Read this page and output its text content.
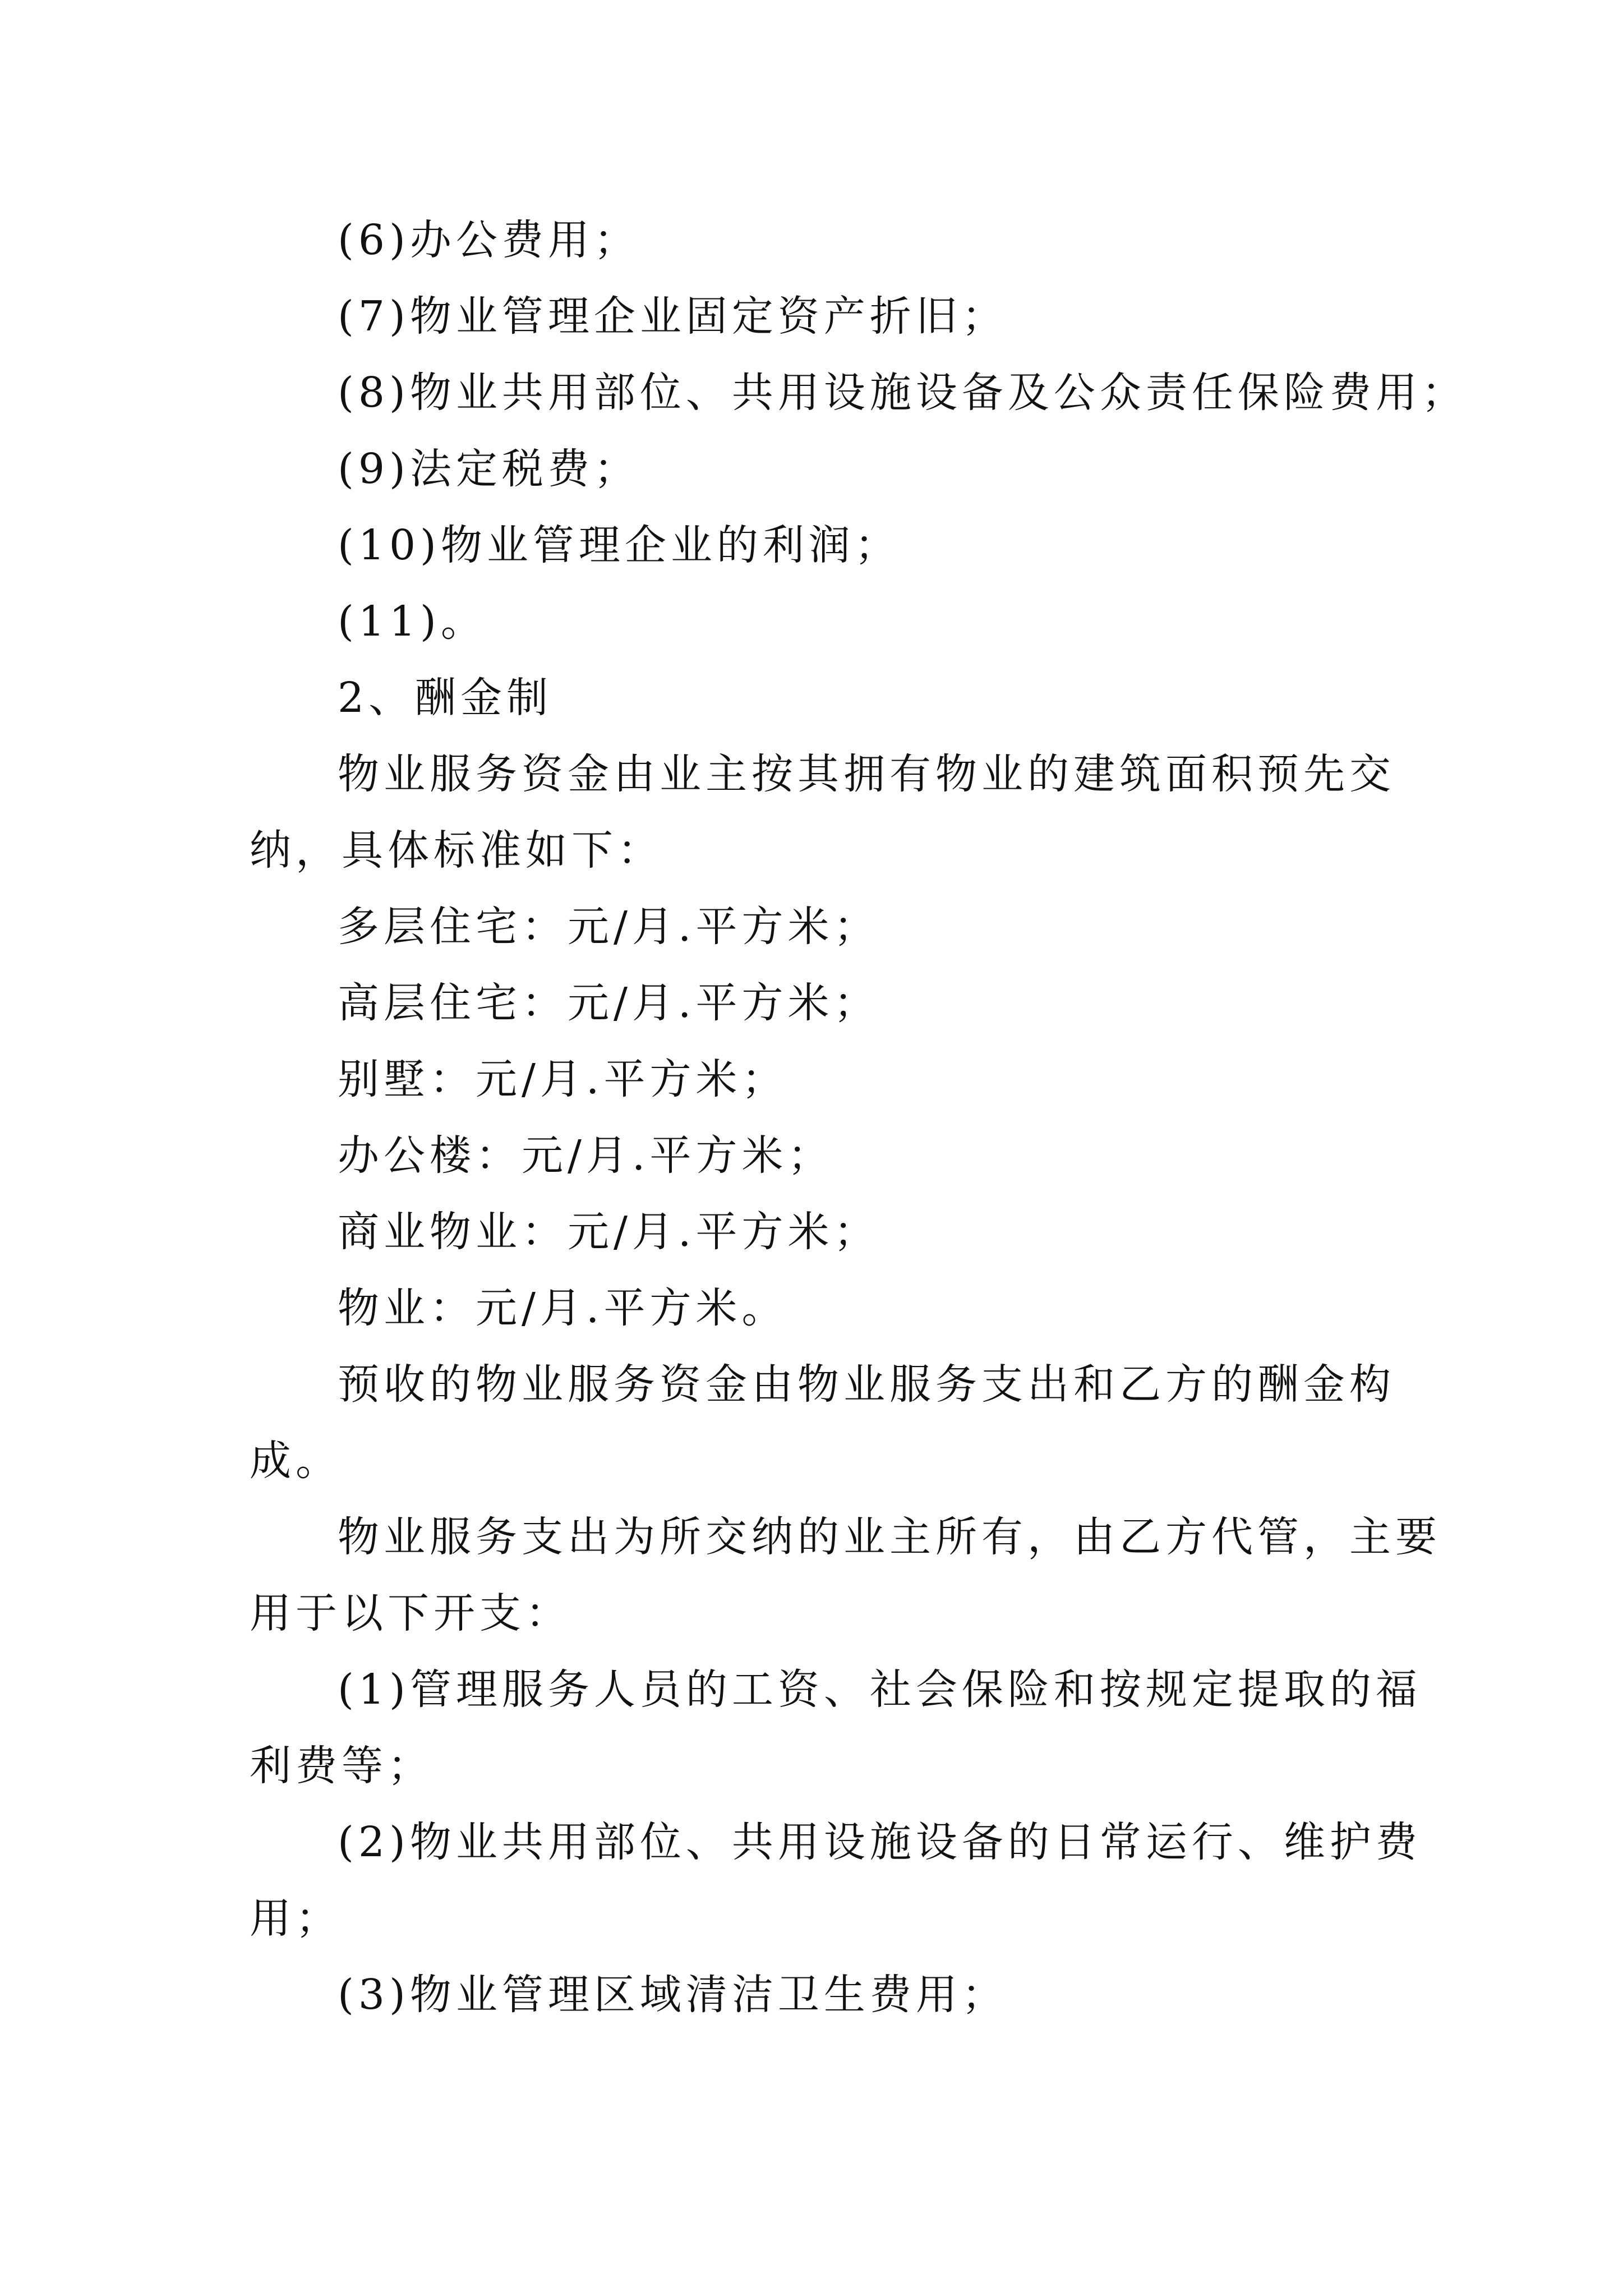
(6)办公费用；
(7)物业管理企业固定资产折旧；
(8)物业共用部位、共用设施设备及公众责任保险费用；
(9)法定税费；
(10)物业管理企业的利润；
(11)。
2、酬金制
物业服务资金由业主按其拥有物业的建筑面积预先交
纳，具体标准如下：
多层住宅：元/月.平方米；
高层住宅：元/月.平方米；
别墅：元/月.平方米；
办公楼：元/月.平方米；
商业物业：元/月.平方米；
物业：元/月.平方米。
预收的物业服务资金由物业服务支出和乙方的酬金构
成。
物业服务支出为所交纳的业主所有，由乙方代管，主要
用于以下开支：
(1)管理服务人员的工资、社会保险和按规定提取的福
利费等；
(2)物业共用部位、共用设施设备的日常运行、维护费
用；
(3)物业管理区域清洁卫生费用；
